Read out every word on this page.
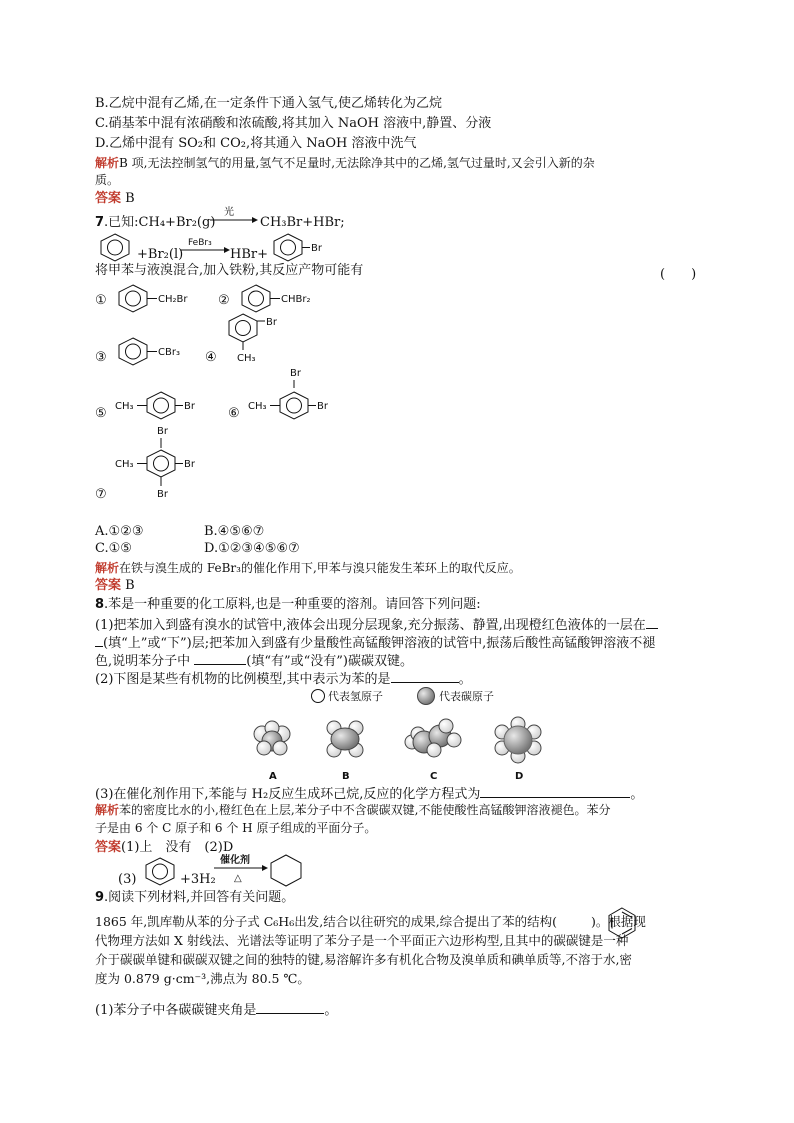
B.乙烷中混有乙烯,在一定条件下通入氢气,使乙烯转化为乙烷
C.硝基苯中混有浓硝酸和浓硫酸,将其加入 NaOH 溶液中,静置、分液
D.乙烯中混有 SO₂和 CO₂,将其通入 NaOH 溶液中洗气
解析B 项,无法控制氢气的用量,氢气不足量时,无法除净其中的乙烯,氢气过量时,又会引入新的杂
质。
答案 B
7.已知:CH₄+Br₂(g)
光
CH₃Br+HBr;
+Br₂(l)
FeBr₃
HBr+	Br
将甲苯与液溴混合,加入铁粉,其反应产物可能有	(　　)
①	CH₂Br ②	CHBr₂
③	CBr₃ ④
Br
CH₃
⑤ CH₃	Br	⑥
Br
CH₃	Br
⑦
Br
CH₃	Br
Br
A.①②③	B.④⑤⑥⑦
C.①⑤	D.①②③④⑤⑥⑦
解析在铁与溴生成的 FeBr₃的催化作用下,甲苯与溴只能发生苯环上的取代反应。
答案 B
8.苯是一种重要的化工原料,也是一种重要的溶剂。请回答下列问题:
(1)把苯加入到盛有溴水的试管中,液体会出现分层现象,充分振荡、静置,出现橙红色液体的一层在
(填“上”或“下”)层;把苯加入到盛有少量酸性高锰酸钾溶液的试管中,振荡后酸性高锰酸钾溶液不褪
色,说明苯分子中	(填“有”或“没有”)碳碳双键。
(2)下图是某些有机物的比例模型,其中表示为苯的是	。
代表氢原子	代表碳原子
A	B	C	D
(3)在催化剂作用下,苯能与 H₂反应生成环己烷,反应的化学方程式为	。
解析苯的密度比水的小,橙红色在上层,苯分子中不含碳碳双键,不能使酸性高锰酸钾溶液褪色。苯分
子是由 6 个 C 原子和 6 个 H 原子组成的平面分子。
答案(1)上　没有　(2)D
(3)	+3H₂
催化剂
△
9.阅读下列材料,并回答有关问题。
1865 年,凯库勒从苯的分子式 C₆H₆出发,结合以往研究的成果,综合提出了苯的结构(	)。根据现
代物理方法如 X 射线法、光谱法等证明了苯分子是一个平面正六边形构型,且其中的碳碳键是一种
介于碳碳单键和碳碳双键之间的独特的键,易溶解许多有机化合物及溴单质和碘单质等,不溶于水,密
度为 0.879 g·cm⁻³,沸点为 80.5 ℃。
(1)苯分子中各碳碳键夹角是	。
